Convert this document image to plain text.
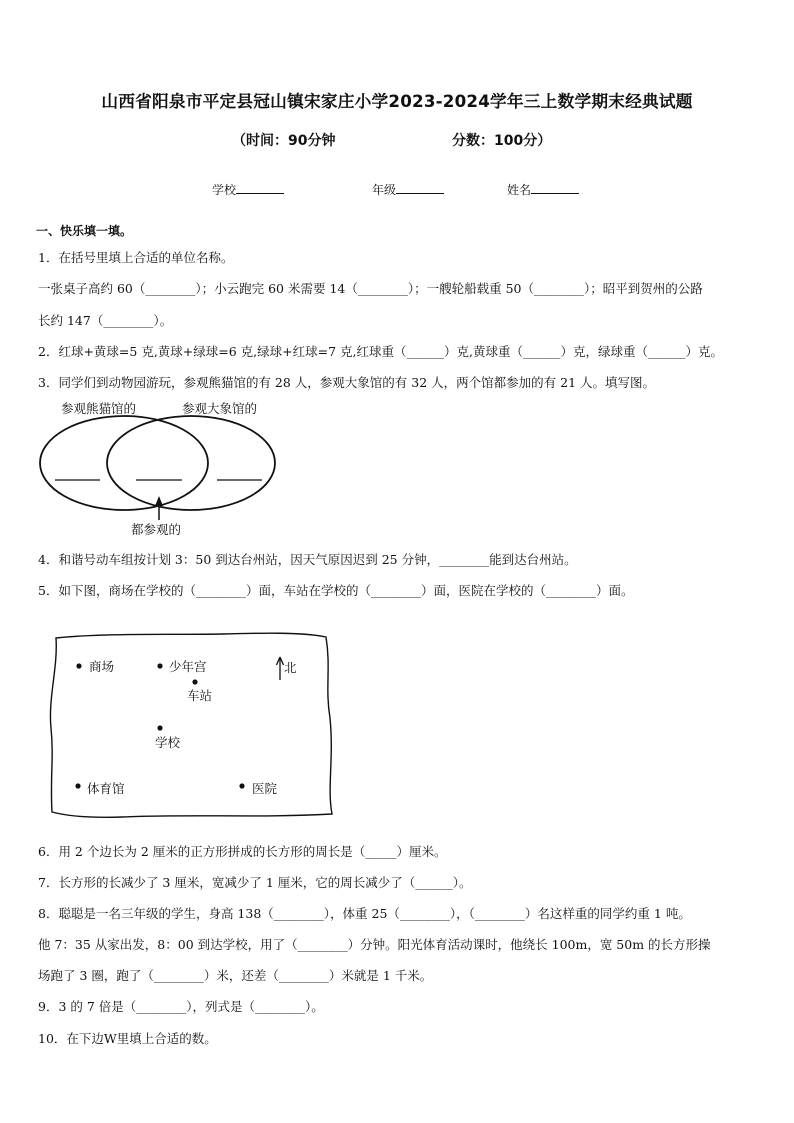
山西省阳泉市平定县冠山镇宋家庄小学2023-2024学年三上数学期末经典试题
（时间：90分钟	分数：100分）
学校	年级	姓名
一、快乐填一填。
1．在括号里填上合适的单位名称。
一张桌子高约 60（________）；小云跑完 60 米需要 14（________）；一艘轮船载重 50（________）；昭平到贺州的公路
长约 147（________）。
2．红球+黄球=5 克,黄球+绿球=6 克,绿球+红球=7 克,红球重（______）克,黄球重（______）克，绿球重（______）克。
3．同学们到动物园游玩，参观熊猫馆的有 28 人，参观大象馆的有 32 人，两个馆都参加的有 21 人。填写图。
参观熊猫馆的	参观大象馆的
都参观的
4．和谐号动车组按计划 3：50 到达台州站，因天气原因迟到 25 分钟，________能到达台州站。
5．如下图，商场在学校的（________）面，车站在学校的（________）面，医院在学校的（________）面。
商场	少年宫	北
车站
学校
体育馆	医院
6．用 2 个边长为 2 厘米的正方形拼成的长方形的周长是（_____）厘米。
7．长方形的长减少了 3 厘米，宽减少了 1 厘米，它的周长减少了（______）。
8．聪聪是一名三年级的学生，身高 138（________），体重 25（________），（________）名这样重的同学约重 1 吨。
他 7：35 从家出发，8：00 到达学校，用了（________）分钟。阳光体育活动课时，他绕长 100m，宽 50m 的长方形操
场跑了 3 圈，跑了（________）米，还差（________）米就是 1 千米。
9．3 的 7 倍是（________），列式是（________）。
10．在下边W里填上合适的数。
